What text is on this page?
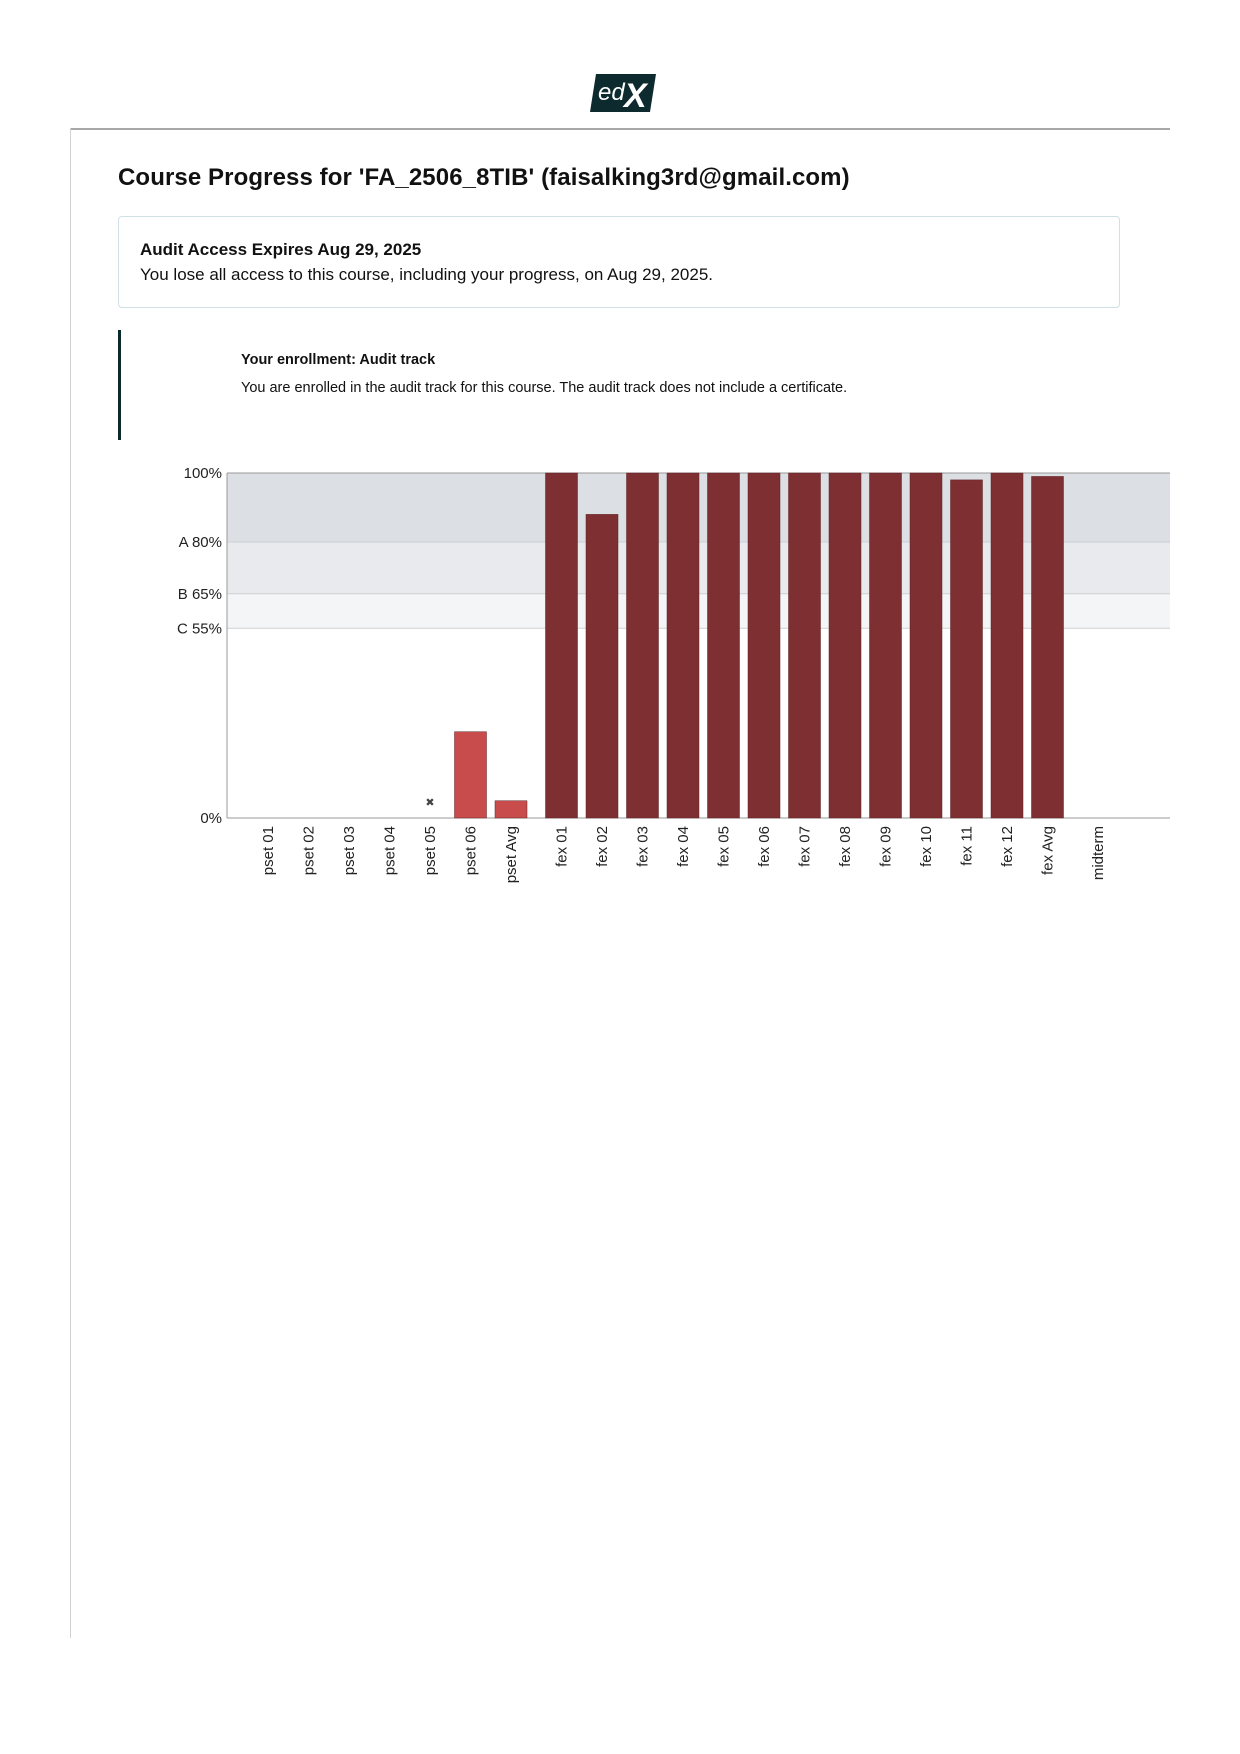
ed X
Course Progress for 'FA_2506_8TIB' (faisalking3rd@gmail.com)
Audit Access Expires Aug 29, 2025
You lose all access to this course, including your progress, on Aug 29, 2025.
Your enrollment: Audit track
You are enrolled in the audit track for this course. The audit track does not include a certificate.
100%
A 80%
B 65%
C 55%
0%
pset 01 pset 02 pset 03 pset 04
✖
pset 05 pset 06 pset Avg fex 01 fex 02 fex 03 fex 04 fex 05 fex 06 fex 07 fex 08 fex 09 fex 10 fex 11 fex 12 fex Avg midterm
